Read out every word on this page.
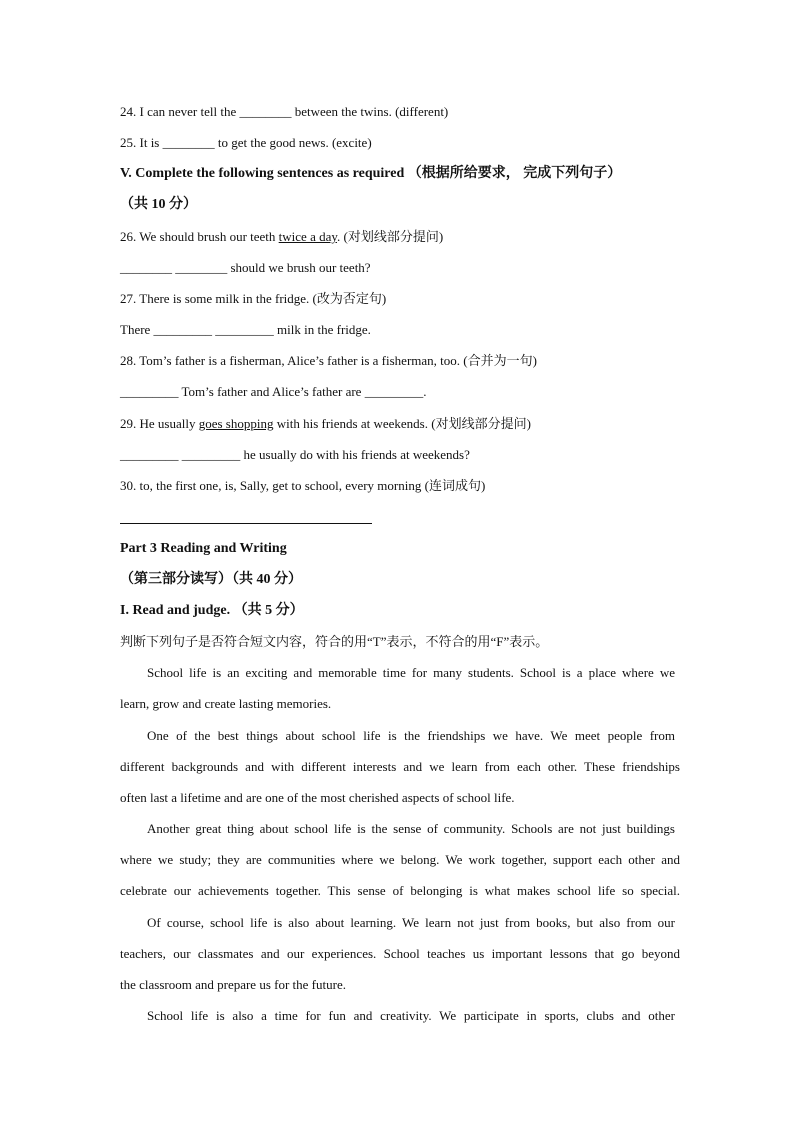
24. I can never tell the ________ between the twins. (different)
25. It is ________ to get the good news. (excite)
V. Complete the following sentences as required （根据所给要求， 完成下列句子）
（共 10 分）
26. We should brush our teeth twice a day. (对划线部分提问)
________ ________ should we brush our teeth?
27. There is some milk in the fridge. (改为否定句)
There _________ _________ milk in the fridge.
28. Tom’s father is a fisherman, Alice’s father is a fisherman, too. (合并为一句)
_________ Tom’s father and Alice’s father are _________.
29. He usually goes shopping with his friends at weekends. (对划线部分提问)
_________ _________ he usually do with his friends at weekends?
30. to, the first one, is, Sally, get to school, every morning (连词成句)
Part 3 Reading and Writing
（第三部分读写）（共 40 分）
I. Read and judge. （共 5 分）
判断下列句子是否符合短文内容，符合的用“T”表示，不符合的用“F”表示。
School life is an exciting and memorable time for many students. School is a place where we
learn, grow and create lasting memories.
One of the best things about school life is the friendships we have. We meet people from
different backgrounds and with different interests and we learn from each other. These friendships
often last a lifetime and are one of the most cherished aspects of school life.
Another great thing about school life is the sense of community. Schools are not just buildings
where we study; they are communities where we belong. We work together, support each other and
celebrate our achievements together. This sense of belonging is what makes school life so special.
Of course, school life is also about learning. We learn not just from books, but also from our
teachers, our classmates and our experiences. School teaches us important lessons that go beyond
the classroom and prepare us for the future.
School life is also a time for fun and creativity. We participate in sports, clubs and other
